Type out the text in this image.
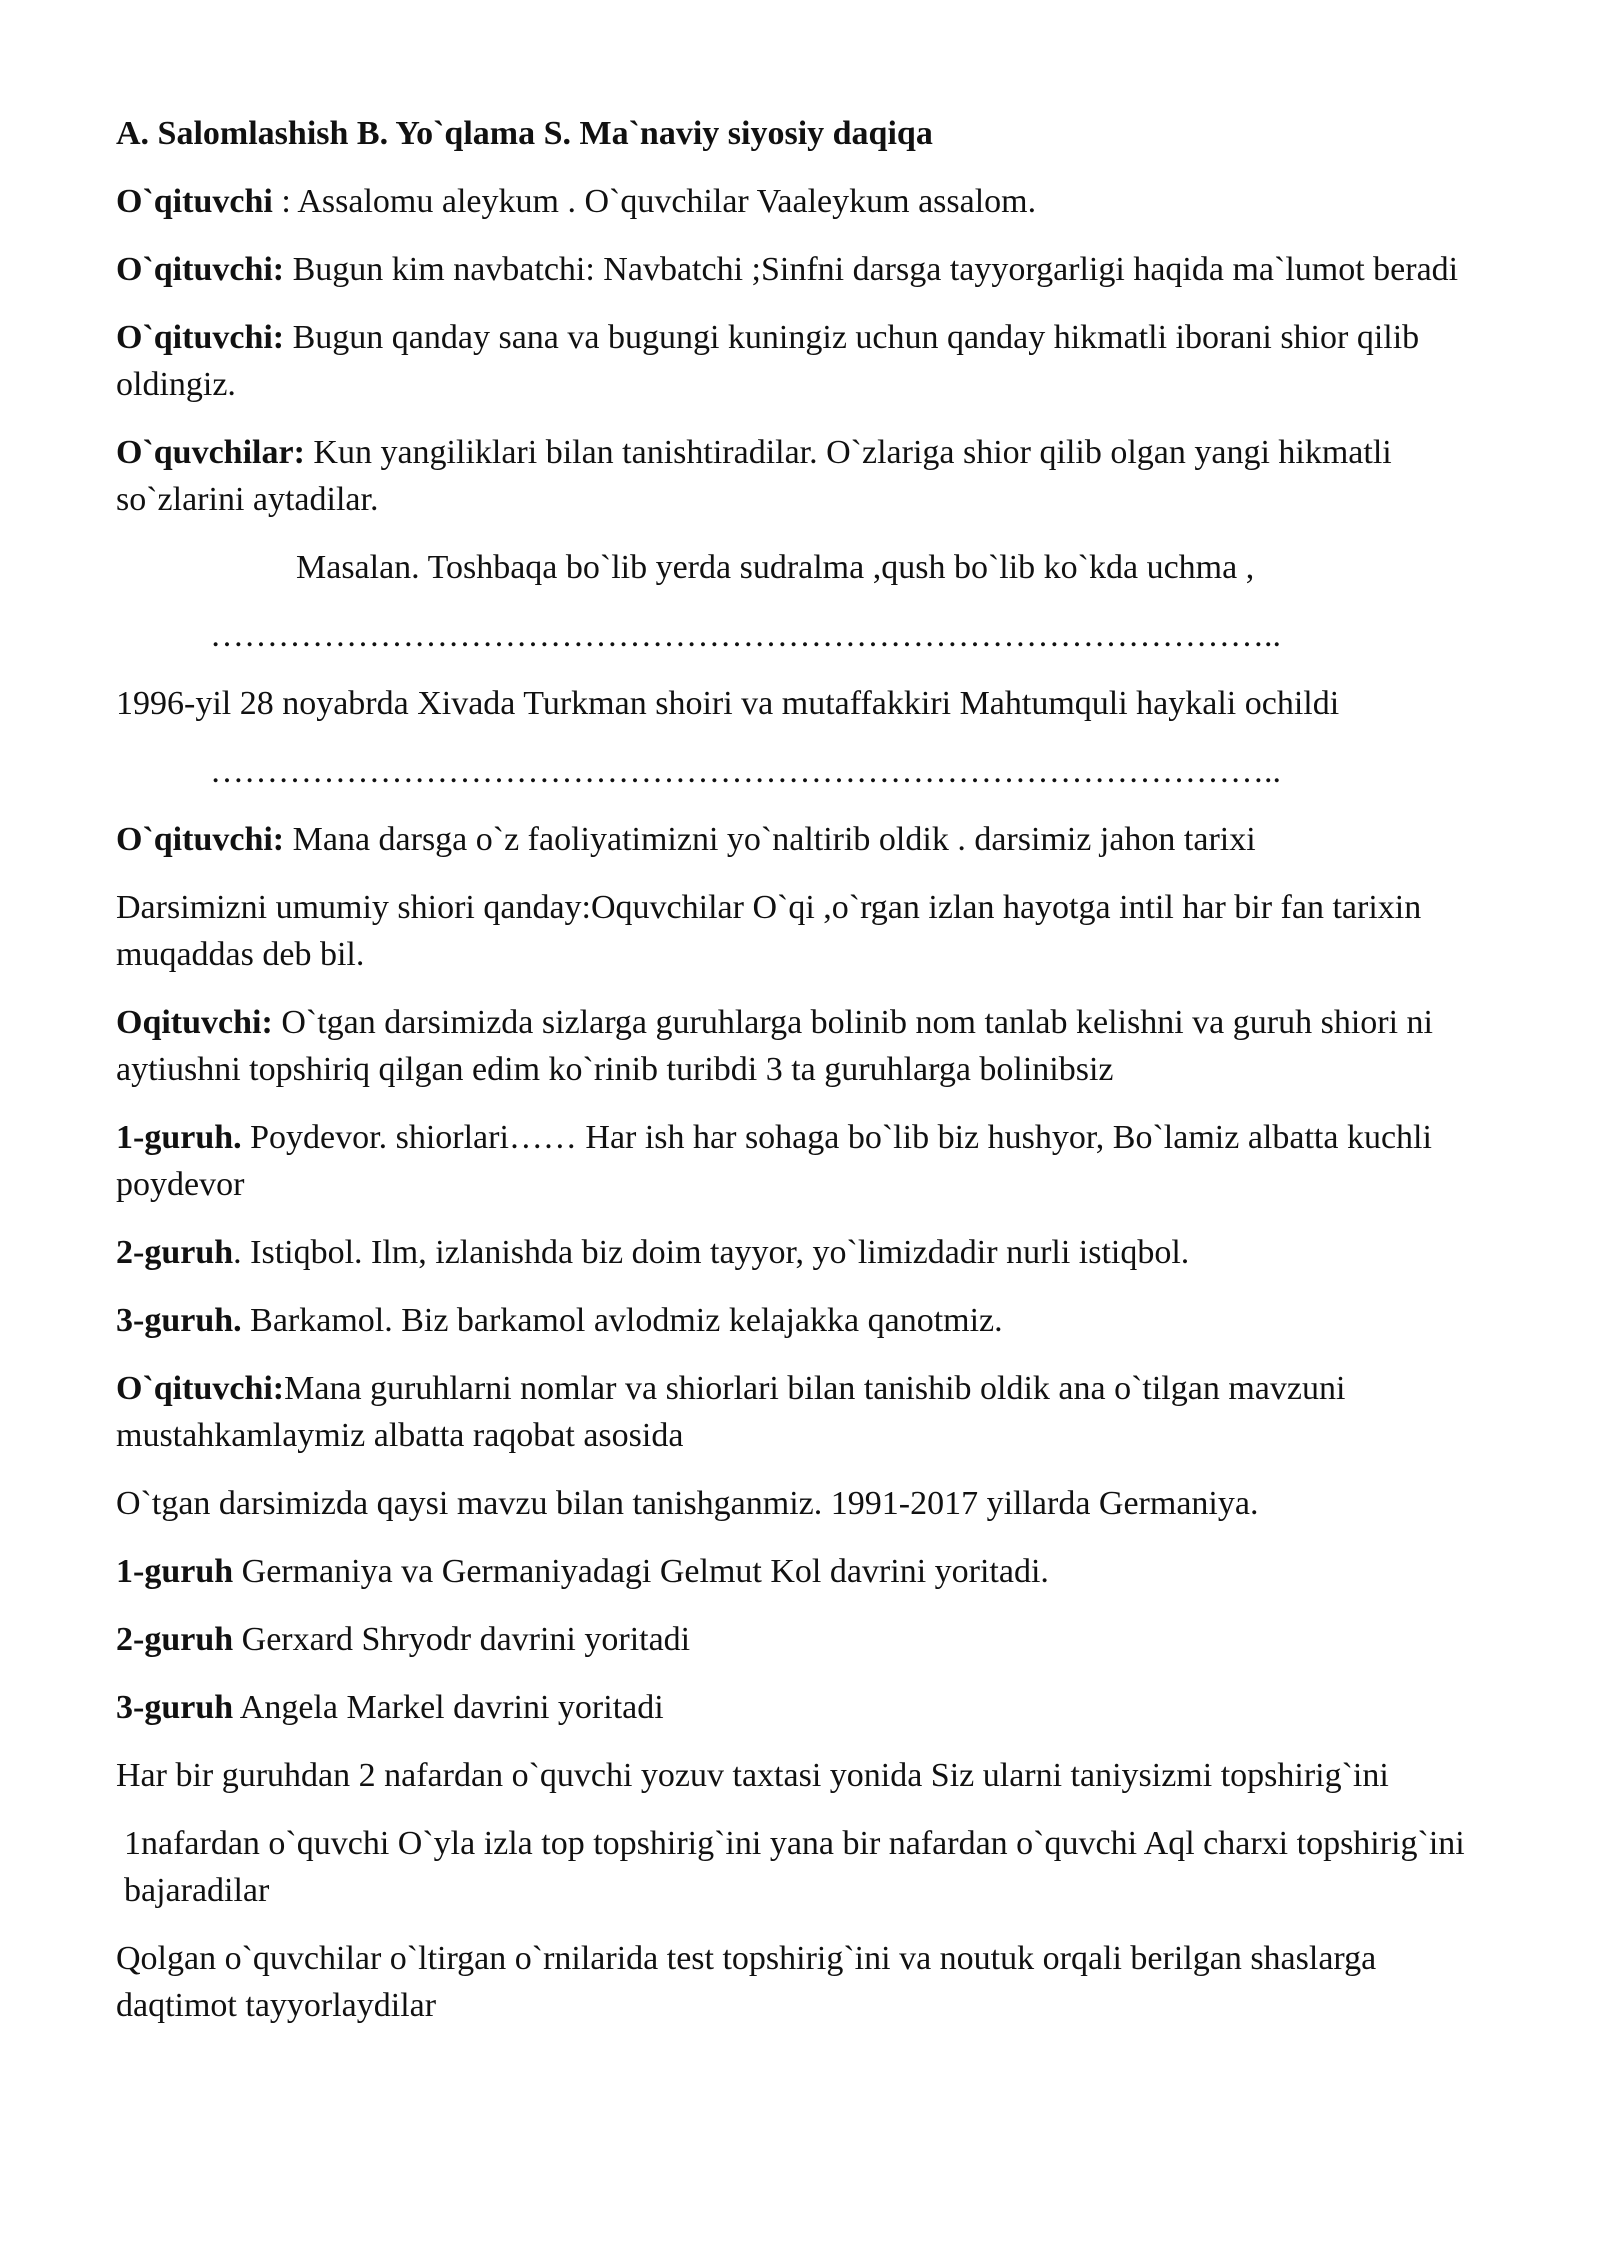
A. Salomlashish B. Yo`qlama S. Ma`naviy siyosiy daqiqa

O`qituvchi : Assalomu aleykum . O`quvchilar Vaaleykum assalom.

O`qituvchi: Bugun kim navbatchi: Navbatchi ;Sinfni darsga tayyorgarligi haqida ma`lumot beradi

O`qituvchi: Bugun qanday sana va bugungi kuningiz uchun qanday hikmatli iborani shior qilib oldingiz.

O`quvchilar: Kun yangiliklari bilan tanishtiradilar. O`zlariga shior qilib olgan yangi hikmatli so`zlarini aytadilar.

Masalan. Toshbaqa bo`lib yerda sudralma ,qush bo`lib ko`kda uchma ,

…………………………………………………………………………………..

1996-yil 28 noyabrda Xivada Turkman shoiri va mutaffakkiri Mahtumquli haykali ochildi

…………………………………………………………………………………..

O`qituvchi: Mana darsga o`z faoliyatimizni yo`naltirib oldik . darsimiz jahon tarixi

Darsimizni umumiy shiori qanday:Oquvchilar O`qi ,o`rgan izlan hayotga intil har bir fan tarixin muqaddas deb bil.

Oqituvchi: O`tgan darsimizda sizlarga guruhlarga bolinib nom tanlab kelishni va guruh shiori ni aytiushni topshiriq qilgan edim ko`rinib turibdi 3 ta guruhlarga bolinibsiz

1-guruh. Poydevor. shiorlari…… Har ish har sohaga bo`lib biz hushyor, Bo`lamiz albatta kuchli poydevor

2-guruh. Istiqbol. Ilm, izlanishda biz doim tayyor, yo`limizdadir nurli istiqbol.

3-guruh. Barkamol. Biz barkamol avlodmiz kelajakka qanotmiz.

O`qituvchi:Mana guruhlarni nomlar va shiorlari bilan tanishib oldik ana o`tilgan mavzuni mustahkamlaymiz albatta raqobat asosida

O`tgan darsimizda qaysi mavzu bilan tanishganmiz. 1991-2017 yillarda Germaniya.

1-guruh Germaniya va Germaniyadagi Gelmut Kol davrini yoritadi.

2-guruh Gerxard Shryodr davrini yoritadi

3-guruh Angela Markel davrini yoritadi

Har bir guruhdan 2 nafardan o`quvchi yozuv taxtasi yonida Siz ularni taniysizmi topshirig`ini

1nafardan o`quvchi O`yla izla top topshirig`ini yana bir nafardan o`quvchi Aql charxi topshirig`ini bajaradilar

Qolgan o`quvchilar o`ltirgan o`rnilarida test topshirig`ini va noutuk orqali berilgan shaslarga daqtimot tayyorlaydilar
